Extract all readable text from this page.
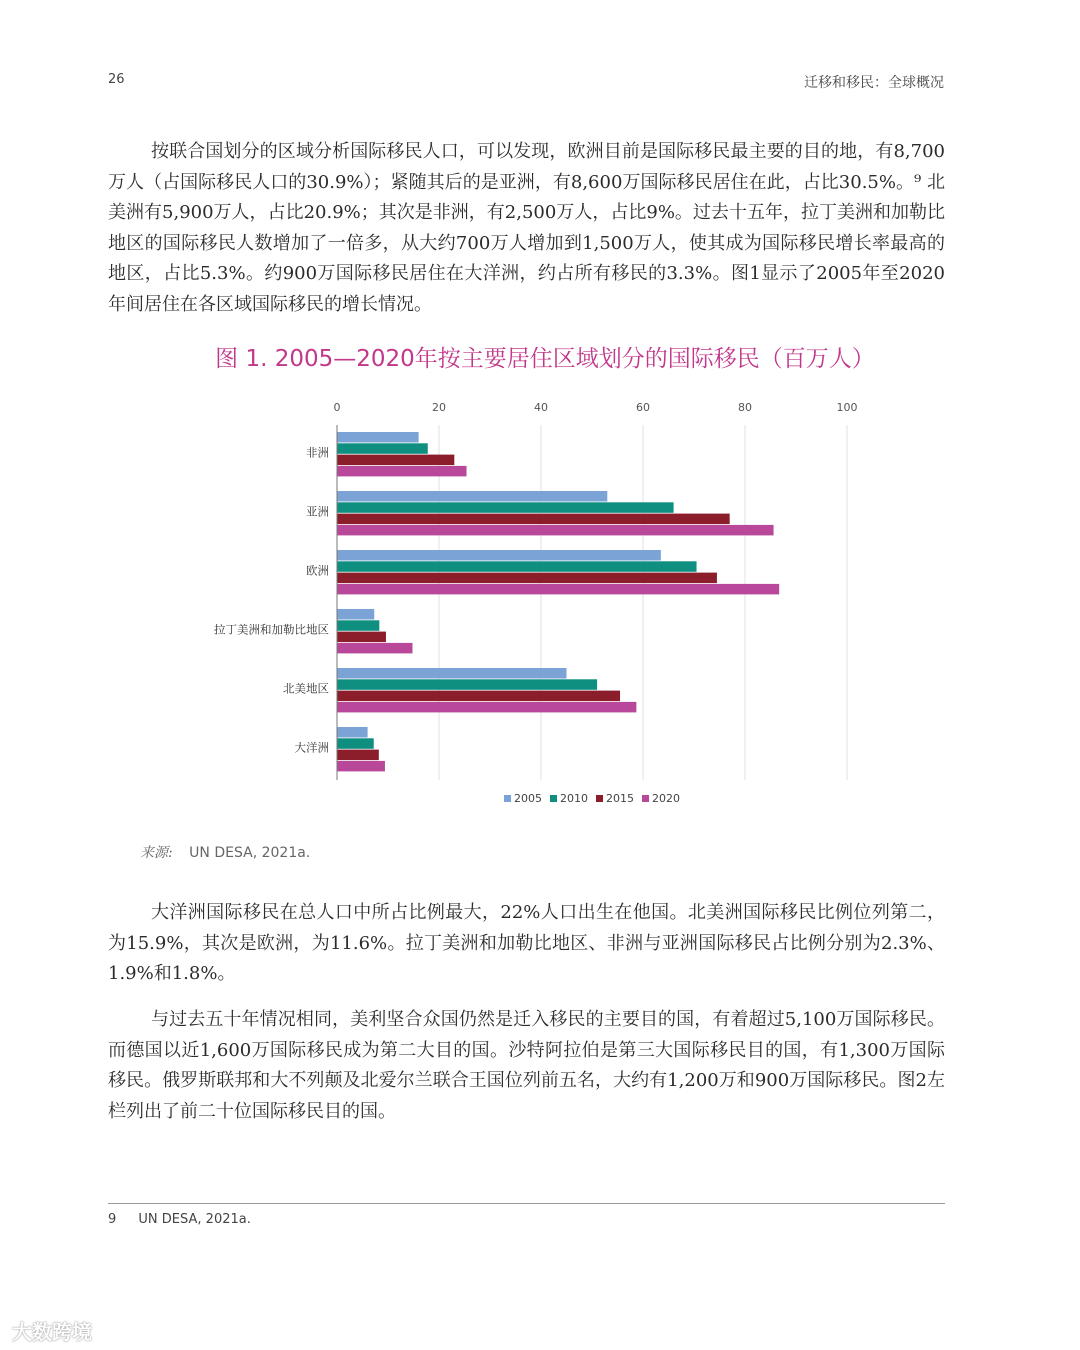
26	迁移和移民：全球概况

按联合国划分的区域分析国际移民人口，可以发现，欧洲目前是国际移民最主要的目的地，有8,700万人（占国际移民人口的30.9%）；紧随其后的是亚洲，有8,600万国际移民居住在此，占比30.5%。⁹ 北美洲有5,900万人，占比20.9%；其次是非洲，有2,500万人，占比9%。过去十五年，拉丁美洲和加勒比地区的国际移民人数增加了一倍多，从大约700万人增加到1,500万人，使其成为国际移民增长率最高的地区，占比5.3%。约900万国际移民居住在大洋洲，约占所有移民的3.3%。图1显示了2005年至2020年间居住在各区域国际移民的增长情况。

图 1. 2005—2020年按主要居住区域划分的国际移民（百万人）
0	20	40	60	80	100
非洲
亚洲
欧洲
拉丁美洲和加勒比地区
北美地区
大洋洲
2005 2010 2015 2020
来源: UN DESA, 2021a.

大洋洲国际移民在总人口中所占比例最大，22%人口出生在他国。北美洲国际移民比例位列第二，为15.9%，其次是欧洲，为11.6%。拉丁美洲和加勒比地区、非洲与亚洲国际移民占比例分别为2.3%、1.9%和1.8%。

与过去五十年情况相同，美利坚合众国仍然是迁入移民的主要目的国，有着超过5,100万国际移民。而德国以近1,600万国际移民成为第二大目的国。沙特阿拉伯是第三大国际移民目的国，有1,300万国际移民。俄罗斯联邦和大不列颠及北爱尔兰联合王国位列前五名，大约有1,200万和900万国际移民。图2左栏列出了前二十位国际移民目的国。

9 UN DESA, 2021a.
大数跨境
